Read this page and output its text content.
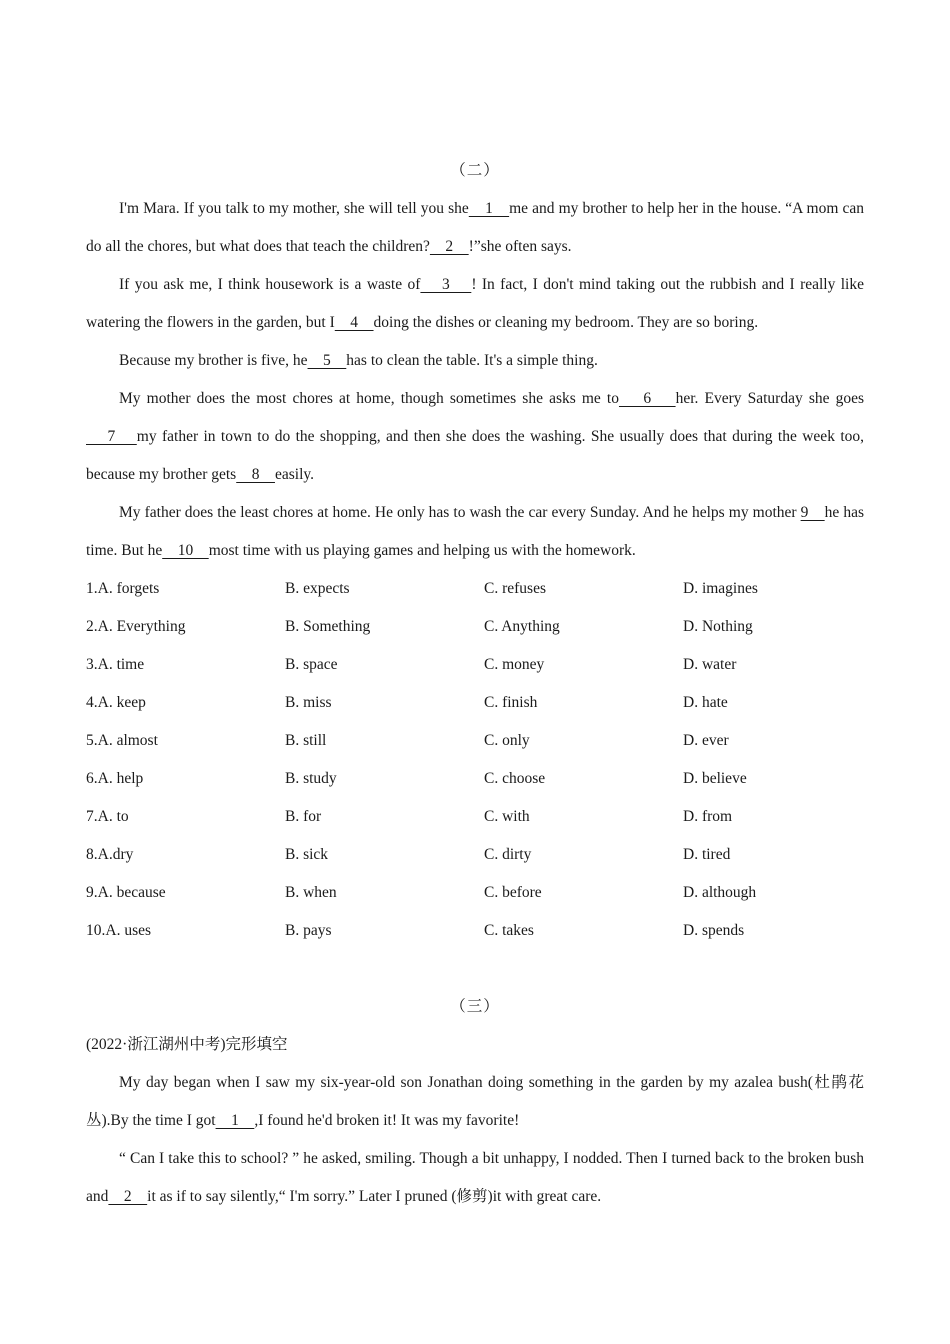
（二）

I'm Mara. If you talk to my mother, she will tell you she    1    me and my brother to help her in the house. “A mom can do all the chores, but what does that teach the children?    2    !”she often says.

If you ask me, I think housework is a waste of    3    ! In fact, I don't mind taking out the rubbish and I really like watering the flowers in the garden, but I    4    doing the dishes or cleaning my bedroom. They are so boring.

Because my brother is five, he    5    has to clean the table. It's a simple thing.

My mother does the most chores at home, though sometimes she asks me to    6    her. Every Saturday she goes    7    my father in town to do the shopping, and then she does the washing. She usually does that during the week too, because my brother gets    8    easily.

My father does the least chores at home. He only has to wash the car every Sunday. And he helps my mother 9    he has time. But he    10    most time with us playing games and helping us with the homework.

1.A. forgets	B. expects	C. refuses	D. imagines
2.A. Everything	B. Something	C. Anything	D. Nothing
3.A. time	B. space	C. money	D. water
4.A. keep	B. miss	C. finish	D. hate
5.A. almost	B. still	C. only	D. ever
6.A. help	B. study	C. choose	D. believe
7.A. to	B. for	C. with	D. from
8.A.dry	B. sick	C. dirty	D. tired
9.A. because	B. when	C. before	D. although
10.A. uses	B. pays	C. takes	D. spends
（三）

(2022·浙江湖州中考)完形填空

My day began when I saw my six-year-old son Jonathan doing something in the garden by my azalea bush(杜鹃花丛).By the time I got    1    ,I found he'd broken it! It was my favorite!

“ Can I take this to school? ” he asked, smiling. Though a bit unhappy, I nodded. Then I turned back to the broken bush and    2    it as if to say silently,“ I'm sorry.” Later I pruned (修剪)it with great care.
